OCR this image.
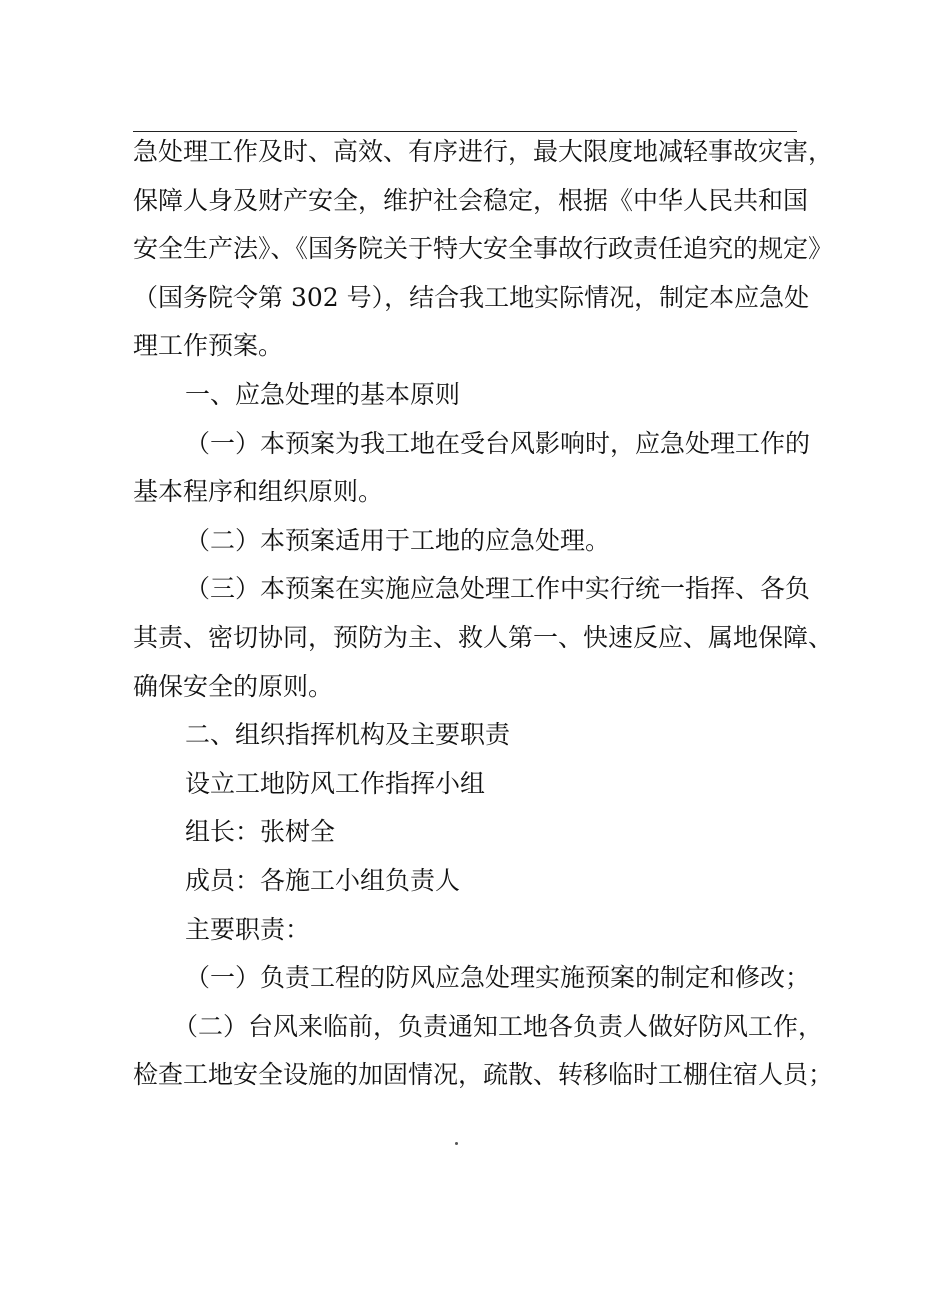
急处理工作及时、高效、有序进行，最大限度地减轻事故灾害，
保障人身及财产安全，维护社会稳定，根据《中华人民共和国
安全生产法》、《国务院关于特大安全事故行政责任追究的规定》
（国务院令第 302 号），结合我工地实际情况，制定本应急处
理工作预案。
一、应急处理的基本原则
（一）本预案为我工地在受台风影响时，应急处理工作的
基本程序和组织原则。
（二）本预案适用于工地的应急处理。
（三）本预案在实施应急处理工作中实行统一指挥、各负
其责、密切协同，预防为主、救人第一、快速反应、属地保障、
确保安全的原则。
二、组织指挥机构及主要职责
设立工地防风工作指挥小组
组长：张树全
成员：各施工小组负责人
主要职责：
（一）负责工程的防风应急处理实施预案的制定和修改；
（二）台风来临前，负责通知工地各负责人做好防风工作，
检查工地安全设施的加固情况，疏散、转移临时工棚住宿人员；
